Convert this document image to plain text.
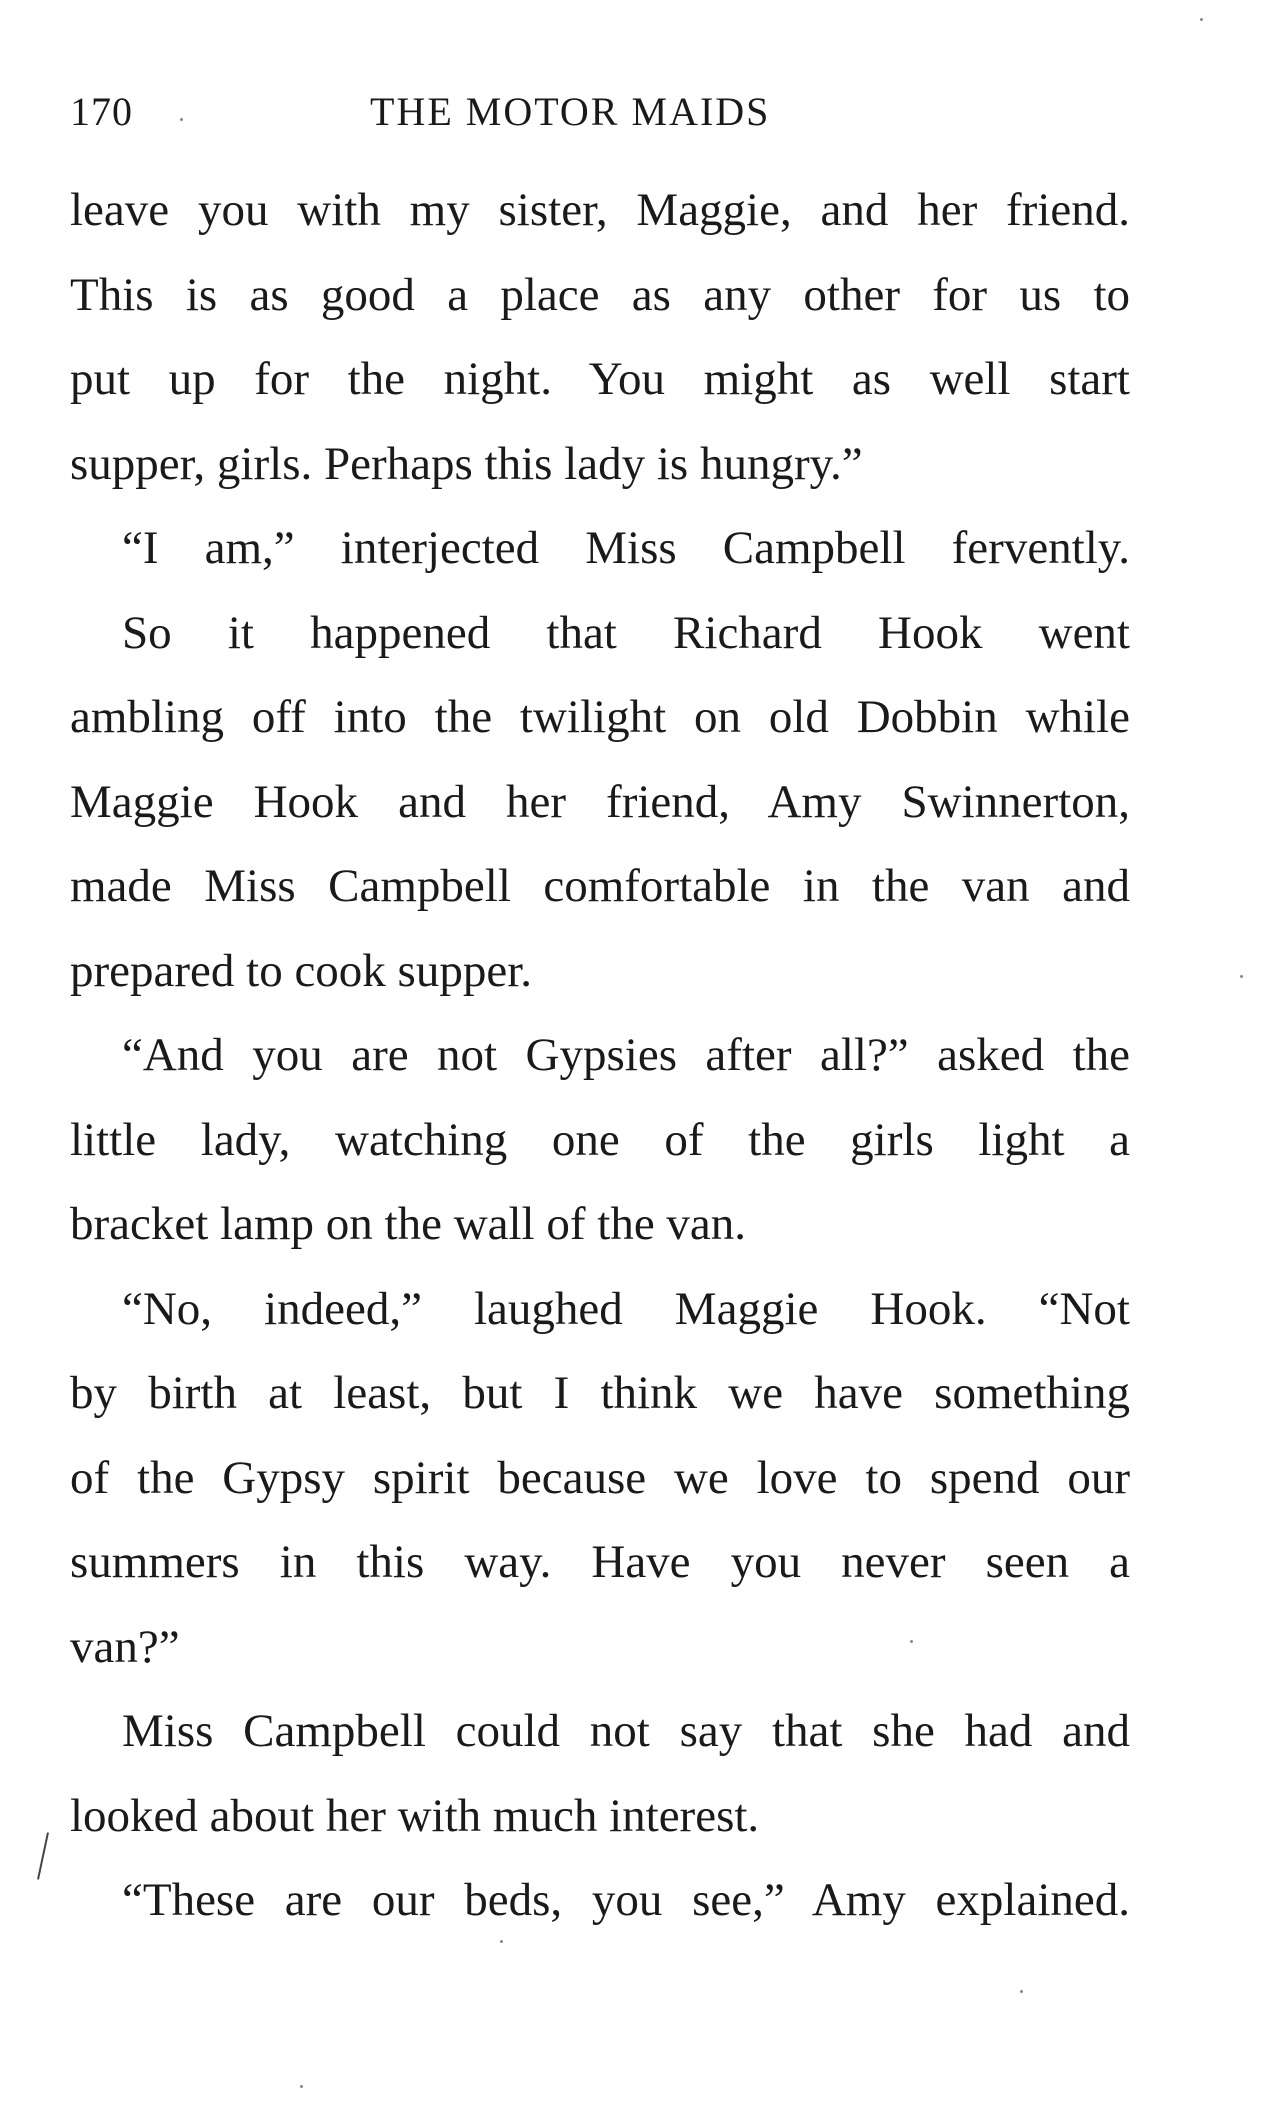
170	THE MOTOR MAIDS
leave you with my sister, Maggie, and her friend.
This is as good a place as any other for us to
put up for the night. You might as well start
supper, girls. Perhaps this lady is hungry.”
“I am,” interjected Miss Campbell fervently.
So it happened that Richard Hook went
ambling off into the twilight on old Dobbin while
Maggie Hook and her friend, Amy Swinnerton,
made Miss Campbell comfortable in the van and
prepared to cook supper.
“And you are not Gypsies after all?” asked the
little lady, watching one of the girls light a
bracket lamp on the wall of the van.
“No, indeed,” laughed Maggie Hook. “Not
by birth at least, but I think we have something
of the Gypsy spirit because we love to spend our
summers in this way. Have you never seen a
van?”
Miss Campbell could not say that she had and
looked about her with much interest.
“These are our beds, you see,” Amy explained.
